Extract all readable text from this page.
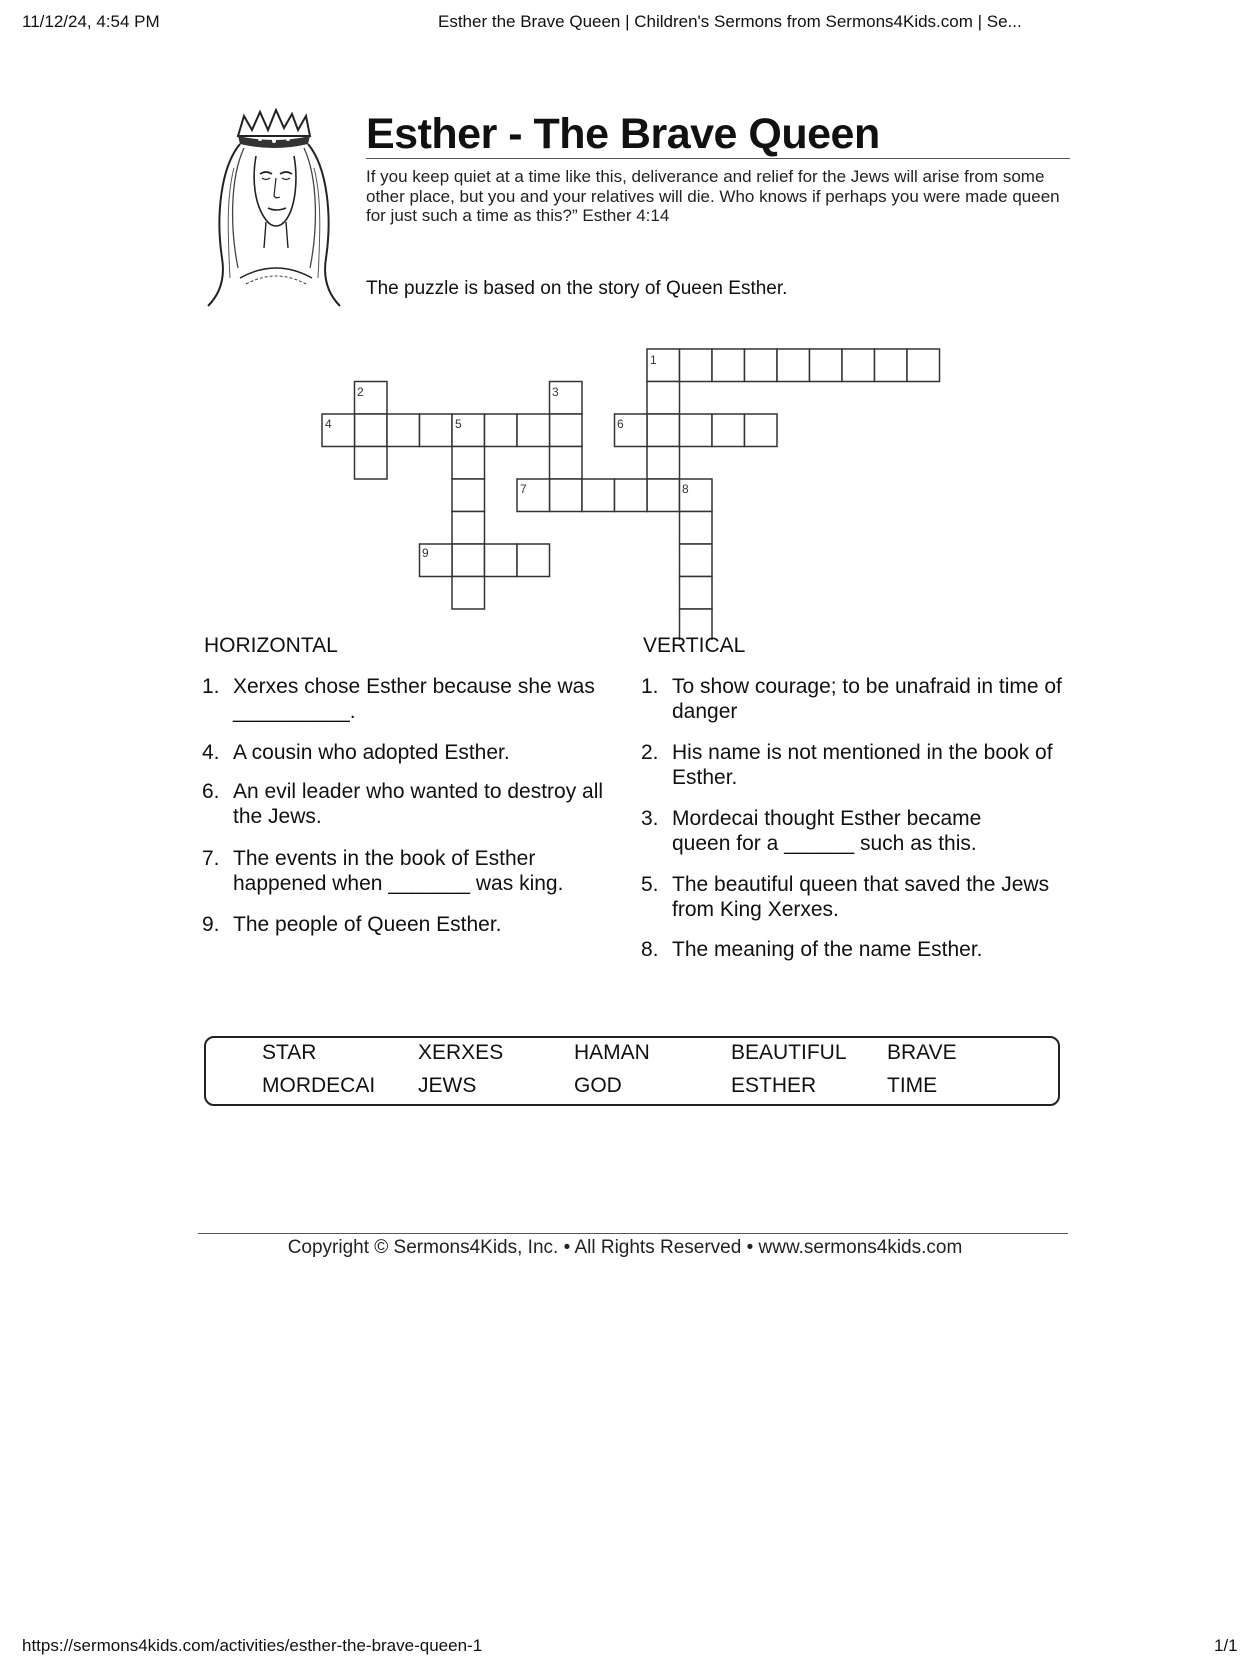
11/12/24, 4:54 PM	Esther the Brave Queen | Children's Sermons from Sermons4Kids.com | Se...
Esther - The Brave Queen
If you keep quiet at a time like this, deliverance and relief for the Jews will arise from some other place, but you and your relatives will die. Who knows if perhaps you were made queen for just such a time as this?” Esther 4:14
The puzzle is based on the story of Queen Esther.
1
2	3
4	5	6
7	8
9
HORIZONTAL	VERTICAL
1. Xerxes chose Esther because she was __________.
4. A cousin who adopted Esther.
6. An evil leader who wanted to destroy all the Jews.
7. The events in the book of Esther happened when _______ was king.
9. The people of Queen Esther.
1. To show courage; to be unafraid in time of danger
2. His name is not mentioned in the book of Esther.
3. Mordecai thought Esther became queen for a ______ such as this.
5. The beautiful queen that saved the Jews from King Xerxes.
8. The meaning of the name Esther.
STAR	XERXES	HAMAN	BEAUTIFUL BRAVE
MORDECAI JEWS	GOD	ESTHER	TIME
Copyright © Sermons4Kids, Inc. • All Rights Reserved • www.sermons4kids.com
https://sermons4kids.com/activities/esther-the-brave-queen-1	1/1
